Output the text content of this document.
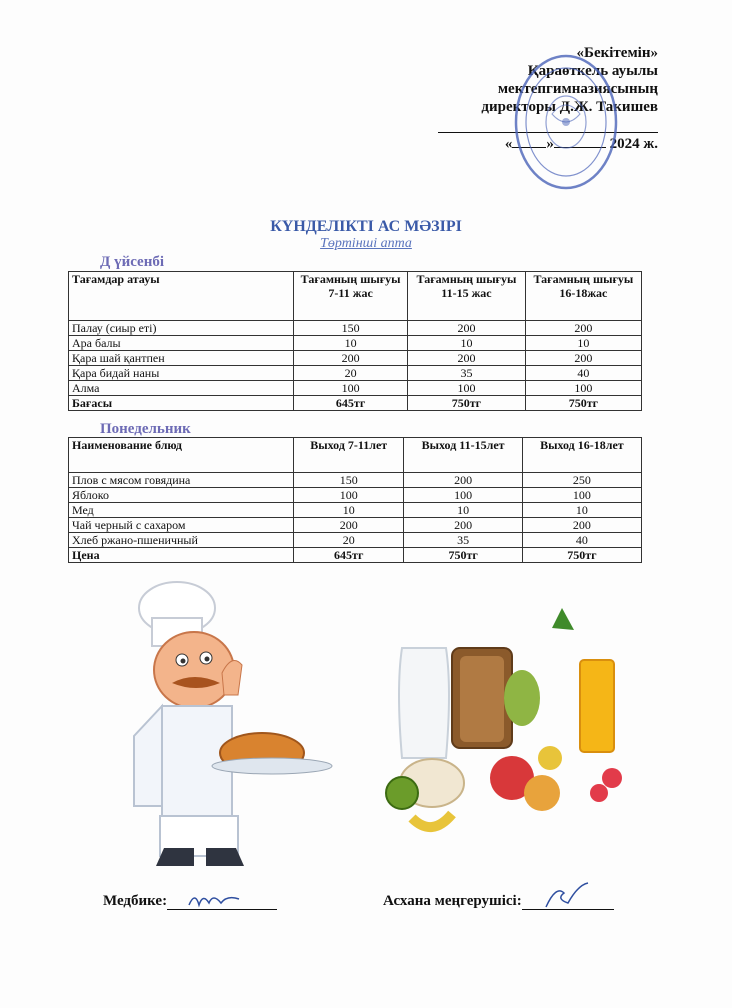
«Бекітемін»
Қараөткель ауылы
мектепгимназиясының
директоры Д.Ж. Такишев
« »	2024 ж.
КҮНДЕЛІКТІ АС МӘЗІРІ
Төртінші апта
Д үйсенбі
Тағамдар атауы	Тағамның шығуы 7-11 жас	Тағамның шығуы 11-15 жас	Тағамның шығуы 16-18жас
Палау (сиыр еті)	150	200	200
Ара балы	10	10	10
Қара шай қантпен	200	200	200
Қара бидай наны	20	35	40
Алма	100	100	100
Бағасы	645тг	750тг	750тг
Понедельник
Наименование блюд	Выход 7-11лет	Выход 11-15лет	Выход 16-18лет
Плов с мясом говядина	150	200	250
Яблоко	100	100	100
Мед	10	10	10
Чай черный с сахаром	200	200	200
Хлеб ржано-пшеничный	20	35	40
Цена	645тг	750тг	750тг
Медбике:	Асхана меңгерушісі:
